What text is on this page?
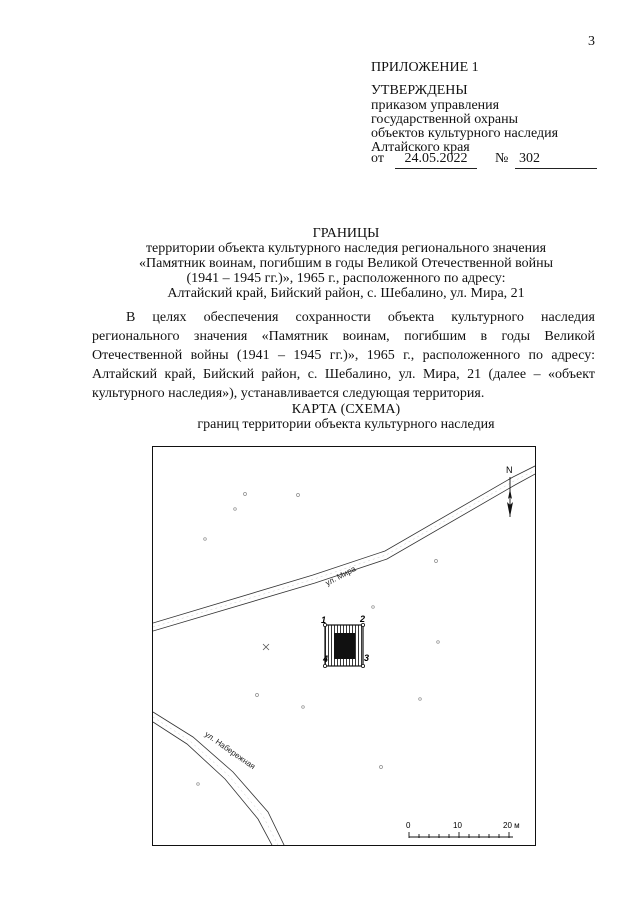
3
ПРИЛОЖЕНИЕ 1
УТВЕРЖДЕНЫ
приказом управления
государственной охраны
объектов культурного наследия
Алтайского края
от	24.05.2022	№ 302
ГРАНИЦЫ
территории объекта культурного наследия регионального значения
«Памятник воинам, погибшим в годы Великой Отечественной войны
(1941 – 1945 гг.)», 1965 г., расположенного по адресу:
Алтайский край, Бийский район, с. Шебалино, ул. Мира, 21
В целях обеспечения сохранности объекта культурного наследия регионального значения «Памятник воинам, погибшим в годы Великой Отечественной войны (1941 – 1945 гг.)», 1965 г., расположенного по адресу: Алтайский край, Бийский район, с. Шебалино, ул. Мира, 21 (далее – «объект культурного наследия»), устанавливается следующая территория.
КАРТА (СХЕМА)
границ территории объекта культурного наследия
ул. Мира
ул. Набережная
1	2
3
4
N
0	10	20 м
